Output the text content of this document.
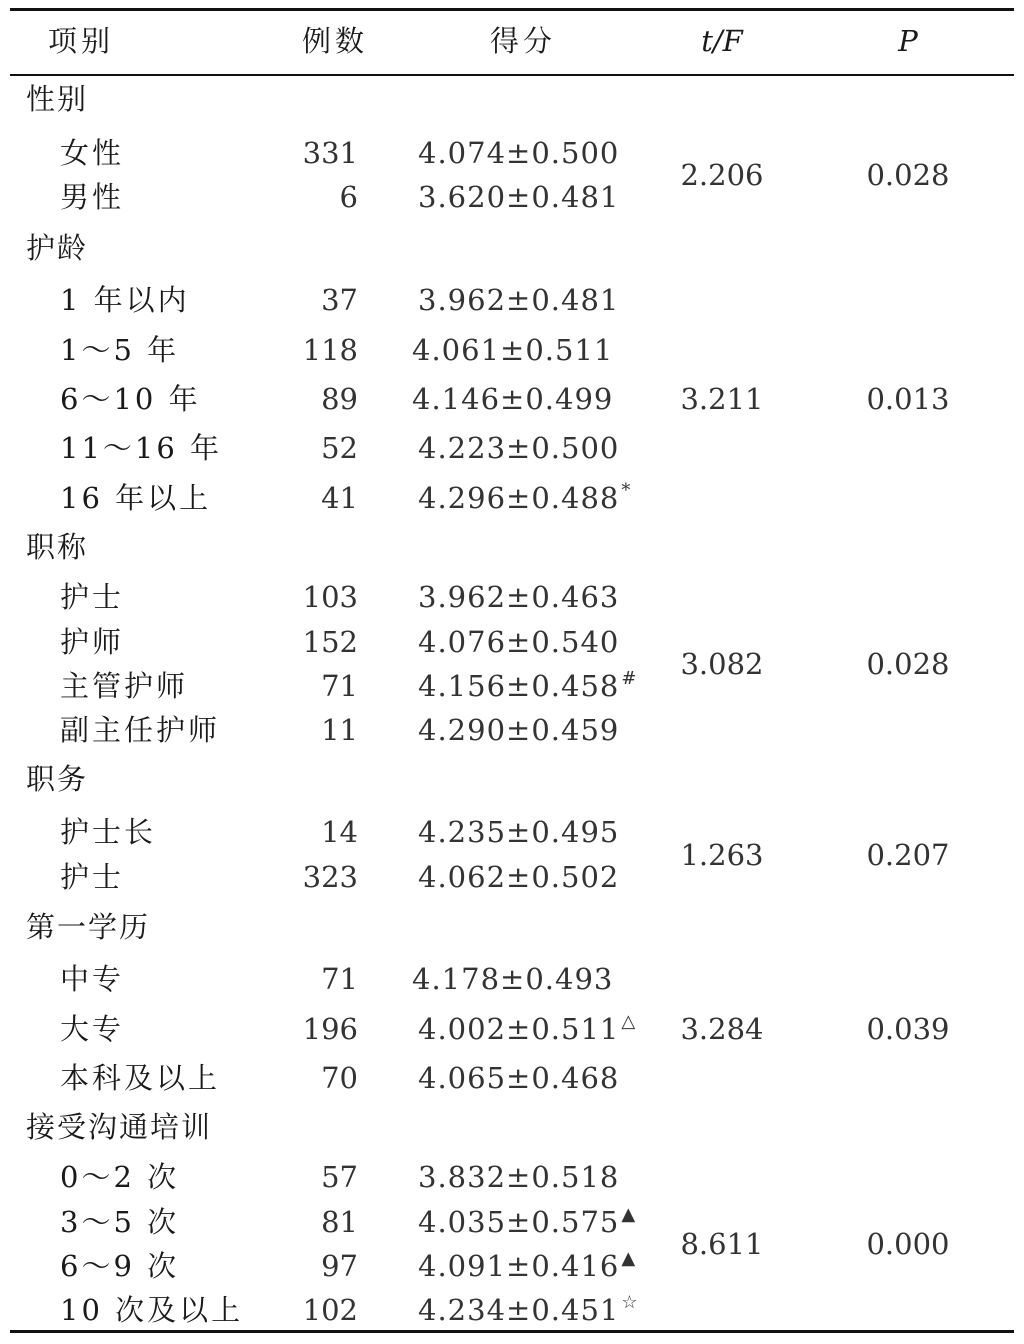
项别	例数	得分	t/F	P
性别
女性	331 4.074±0.500
男性	6 3.620±0.481
2.206	0.028
护龄
1 年以内	37 3.962±0.481
1～5 年	118 4.061±0.511
6～10 年	89 4.146±0.499
11～16 年	52 4.223±0.500
16 年以上	41 4.296±0.488 *
3.211	0.013
职称
护士	103 3.962±0.463
护师	152 4.076±0.540
主管护师	71 4.156±0.458 #
副主任护师	11 4.290±0.459
3.082	0.028
职务
护士长	14 4.235±0.495
护士	323 4.062±0.502
1.263	0.207
第一学历
中专	71 4.178±0.493
大专	196 4.002±0.511 △
本科及以上	70 4.065±0.468
3.284	0.039
接受沟通培训
0～2 次	57 3.832±0.518
3～5 次	81 4.035±0.575 ▲
6～9 次	97 4.091±0.416 ▲
10 次及以上 102 4.234±0.451 ☆
8.611	0.000
